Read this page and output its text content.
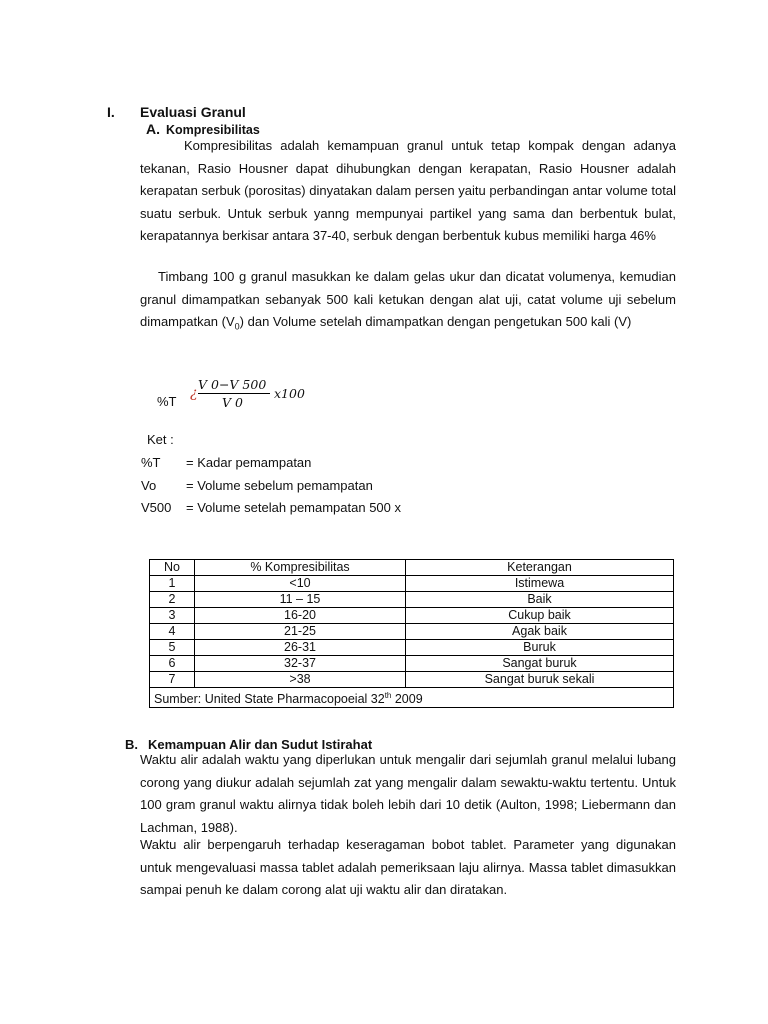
I. Evaluasi Granul
A. Kompresibilitas
Kompresibilitas adalah kemampuan granul untuk tetap kompak dengan adanya tekanan, Rasio Housner dapat dihubungkan dengan kerapatan, Rasio Housner adalah kerapatan serbuk (porositas) dinyatakan dalam persen yaitu perbandingan antar volume total suatu serbuk. Untuk serbuk yanng mempunyai partikel yang sama dan berbentuk bulat, kerapatannya berkisar antara 37-40, serbuk dengan berbentuk kubus memiliki harga 46%
Timbang 100 g granul masukkan ke dalam gelas ukur dan dicatat volumenya, kemudian granul dimampatkan sebanyak 500 kali ketukan dengan alat uji, catat volume uji sebelum dimampatkan $(V_0)$ dan Volume setelah dimampatkan dengan pengetukan 500 kali (V)
%T
¿
V 0−V 500
V 0
x100
Ket :
%T = Kadar pemampatan
Vo = Volume sebelum pemampatan
V500 = Volume setelah pemampatan 500 x
No	% Kompresibilitas	Keterangan
1	<10	Istimewa
2	11 – 15	Baik
3	16-20	Cukup baik
4	21-25	Agak baik
5	26-31	Buruk
6	32-37	Sangat buruk
7	>38	Sangat buruk sekali
Sumber: United State Pharmacopoeial 32th 2009		
B. Kemampuan Alir dan Sudut Istirahat
Waktu alir adalah waktu yang diperlukan untuk mengalir dari sejumlah granul melalui lubang corong yang diukur adalah sejumlah zat yang mengalir dalam sewaktu-waktu tertentu. Untuk 100 gram granul waktu alirnya tidak boleh lebih dari 10 detik (Aulton, 1998; Liebermann dan Lachman, 1988).
Waktu alir berpengaruh terhadap keseragaman bobot tablet. Parameter yang digunakan untuk mengevaluasi massa tablet adalah pemeriksaan laju alirnya. Massa tablet dimasukkan sampai penuh ke dalam corong alat uji waktu alir dan diratakan.
